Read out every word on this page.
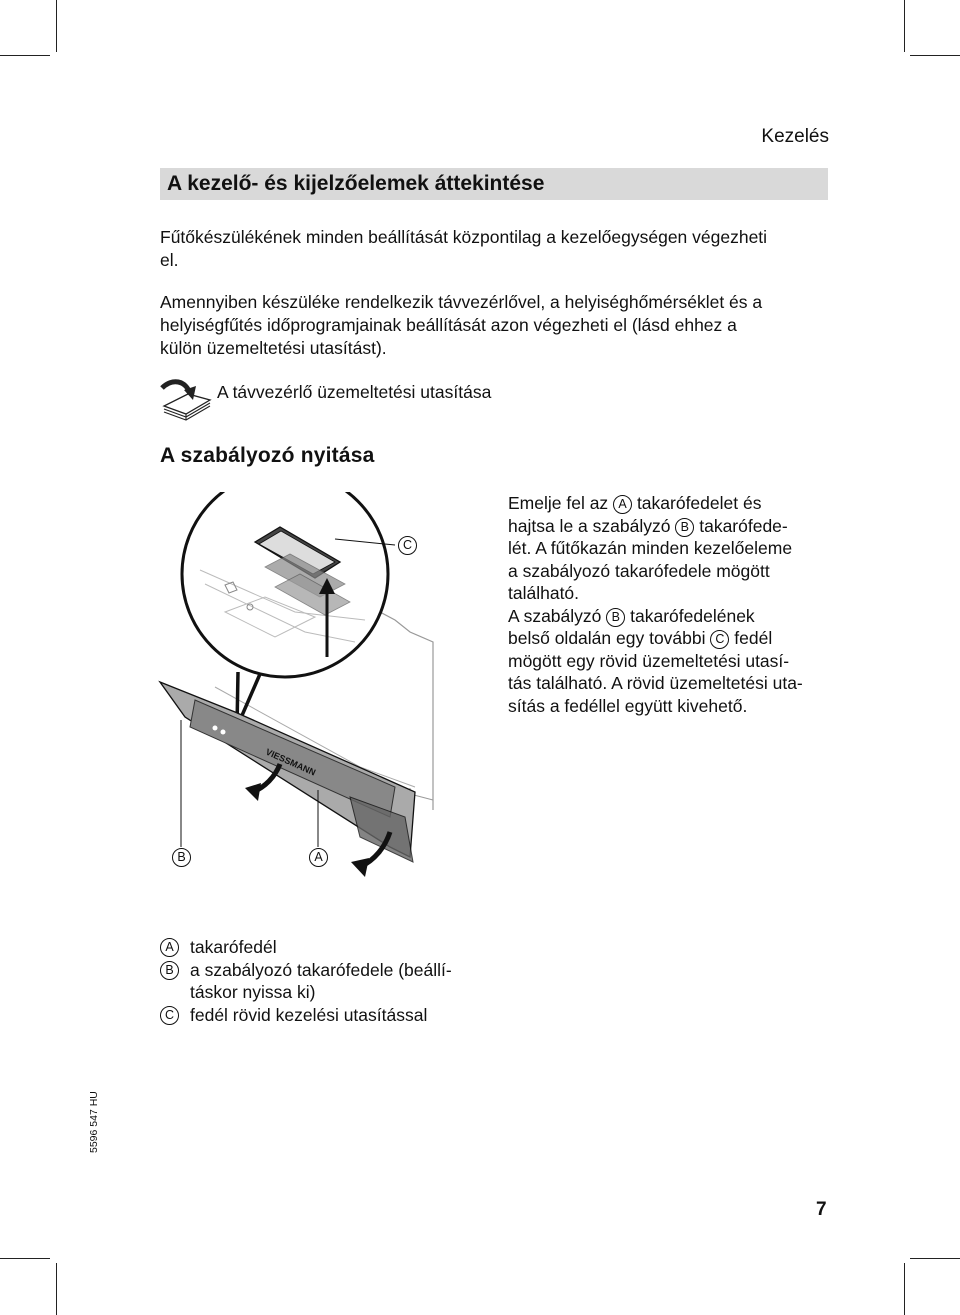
Kezelés
A kezelő- és kijelzőelemek áttekintése
Fűtőkészülékének minden beállítását központilag a kezelőegységen végezheti
el.
Amennyiben készüléke rendelkezik távvezérlővel, a helyiséghőmérséklet és a
helyiségfűtés időprogramjainak beállítását azon végezheti el (lásd ehhez a
külön üzemeltetési utasítást).
A távvezérlő üzemeltetési utasítása
A szabályozó nyitása
VIESSMANN
C
B	A
Emelje fel az A takarófedelet és
hajtsa le a szabályzó B takarófede-
lét. A fűtőkazán minden kezelőeleme
a szabályozó takarófedele mögött
található.
A szabályzó B takarófedelének
belső oldalán egy további C fedél
mögött egy rövid üzemeltetési utasí-
tás található. A rövid üzemeltetési uta-
sítás a fedéllel együtt kivehető.
A takarófedél
B a szabályozó takarófedele (beállí-
táskor nyissa ki)
C fedél rövid kezelési utasítással
5596 547 HU
7
